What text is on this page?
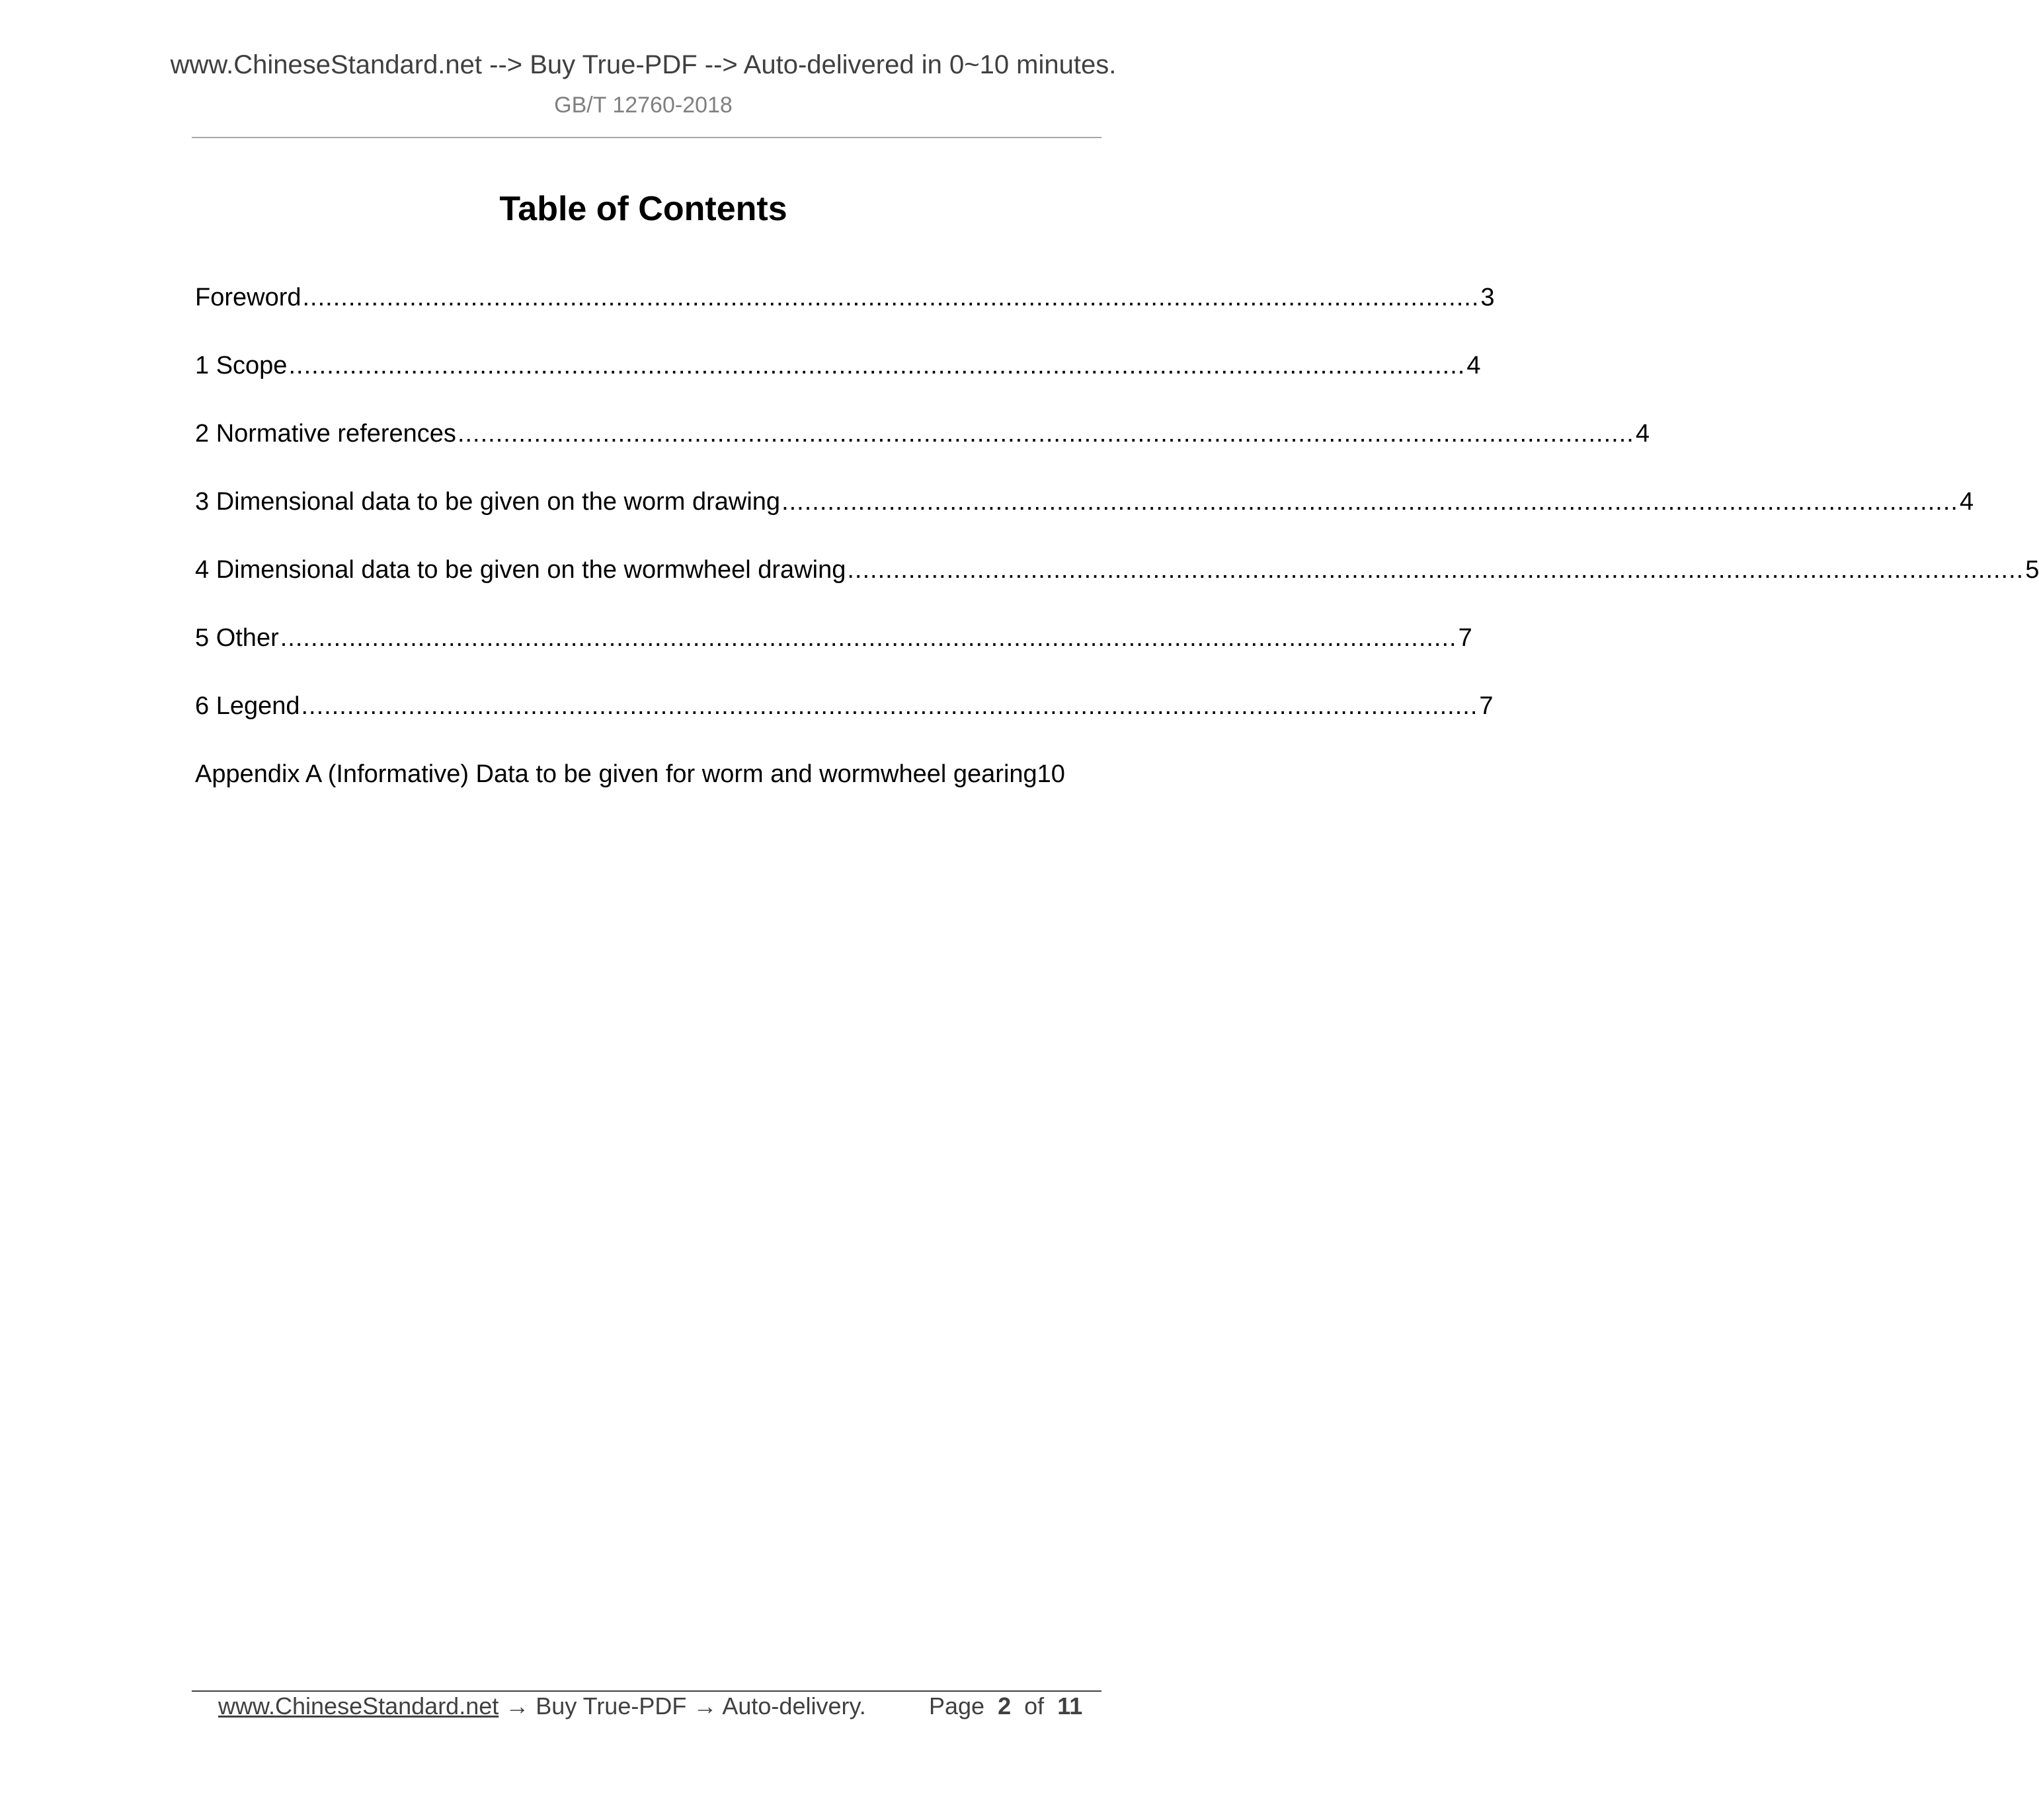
www.ChineseStandard.net --> Buy True-PDF --> Auto-delivered in 0~10 minutes.
GB/T 12760-2018
Table of Contents
Foreword .......................................................................................................................................................... 3
1 Scope .......................................................................................................................................................... 4
2 Normative references .......................................................................................................................................................... 4
3 Dimensional data to be given on the worm drawing .......................................................................................................................................................... 4
4 Dimensional data to be given on the wormwheel drawing .......................................................................................................................................................... 5
5 Other .......................................................................................................................................................... 7
6 Legend .......................................................................................................................................................... 7
Appendix A (Informative) Data to be given for worm and wormwheel gearing 10
www.ChineseStandard.net → Buy True-PDF → Auto-delivery.	Page 2 of 11
